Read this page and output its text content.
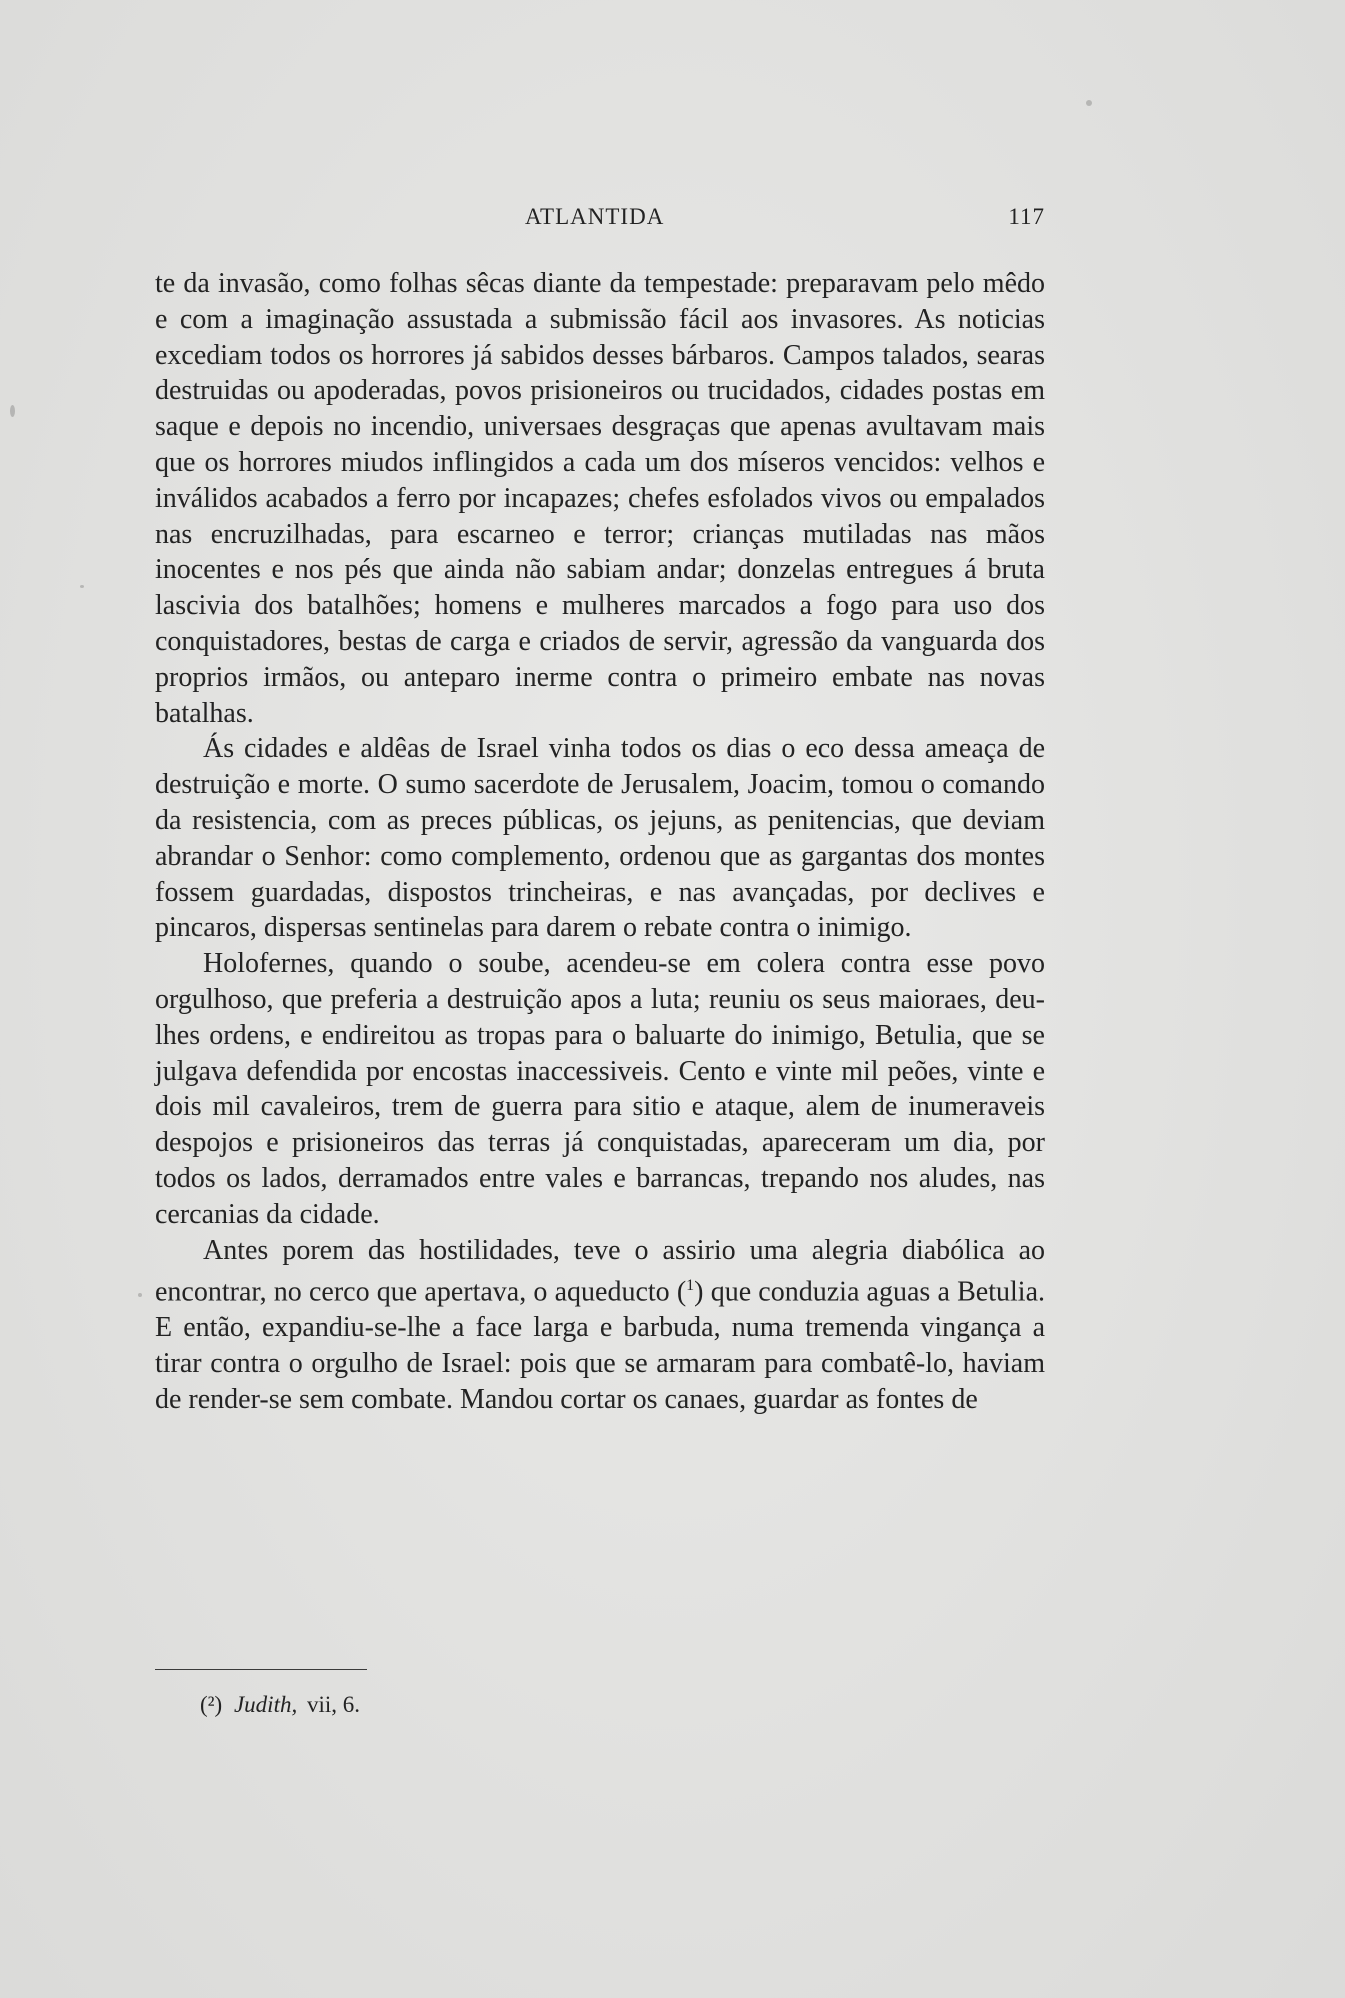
ATLANTIDA	117

te da invasão, como folhas sêcas diante da tempestade: preparavam pelo mêdo e com a imaginação assustada a submissão fácil aos invasores. As noticias excediam todos os horrores já sabidos desses bárbaros. Campos talados, searas destruidas ou apoderadas, povos prisioneiros ou trucidados, cidades postas em saque e depois no incendio, universaes desgraças que apenas avultavam mais que os horrores miudos inflingidos a cada um dos míseros vencidos: velhos e inválidos acabados a ferro por incapazes; chefes esfolados vivos ou empalados nas encruzilhadas, para escarneo e terror; crianças mutiladas nas mãos inocentes e nos pés que ainda não sabiam andar; donzelas entregues á bruta lascivia dos batalhões; homens e mulheres marcados a fogo para uso dos conquistadores, bestas de carga e criados de servir, agressão da vanguarda dos proprios irmãos, ou anteparo inerme contra o primeiro embate nas novas batalhas.

Ás cidades e aldêas de Israel vinha todos os dias o eco dessa ameaça de destruição e morte. O sumo sacerdote de Jerusalem, Joacim, tomou o comando da resistencia, com as preces públicas, os jejuns, as penitencias, que deviam abrandar o Senhor: como complemento, ordenou que as gargantas dos montes fossem guardadas, dispostos trincheiras, e nas avançadas, por declives e pincaros, dispersas sentinelas para darem o rebate contra o inimigo.

Holofernes, quando o soube, acendeu-se em colera contra esse povo orgulhoso, que preferia a destruição apos a luta; reuniu os seus maioraes, deu-lhes ordens, e endireitou as tropas para o baluarte do inimigo, Betulia, que se julgava defendida por encostas inaccessiveis. Cento e vinte mil peões, vinte e dois mil cavaleiros, trem de guerra para sitio e ataque, alem de inumeraveis despojos e prisioneiros das terras já conquistadas, apareceram um dia, por todos os lados, derramados entre vales e barrancas, trepando nos aludes, nas cercanias da cidade.

Antes porem das hostilidades, teve o assirio uma alegria diabólica ao encontrar, no cerco que apertava, o aqueducto ($^1$) que conduzia aguas a Betulia. E então, expandiu-se-lhe a face larga e barbuda, numa tremenda vingança a tirar contra o orgulho de Israel: pois que se armaram para combatê-lo, haviam de render-se sem combate. Mandou cortar os canaes, guardar as fontes de

(²) Judith, vii, 6.
